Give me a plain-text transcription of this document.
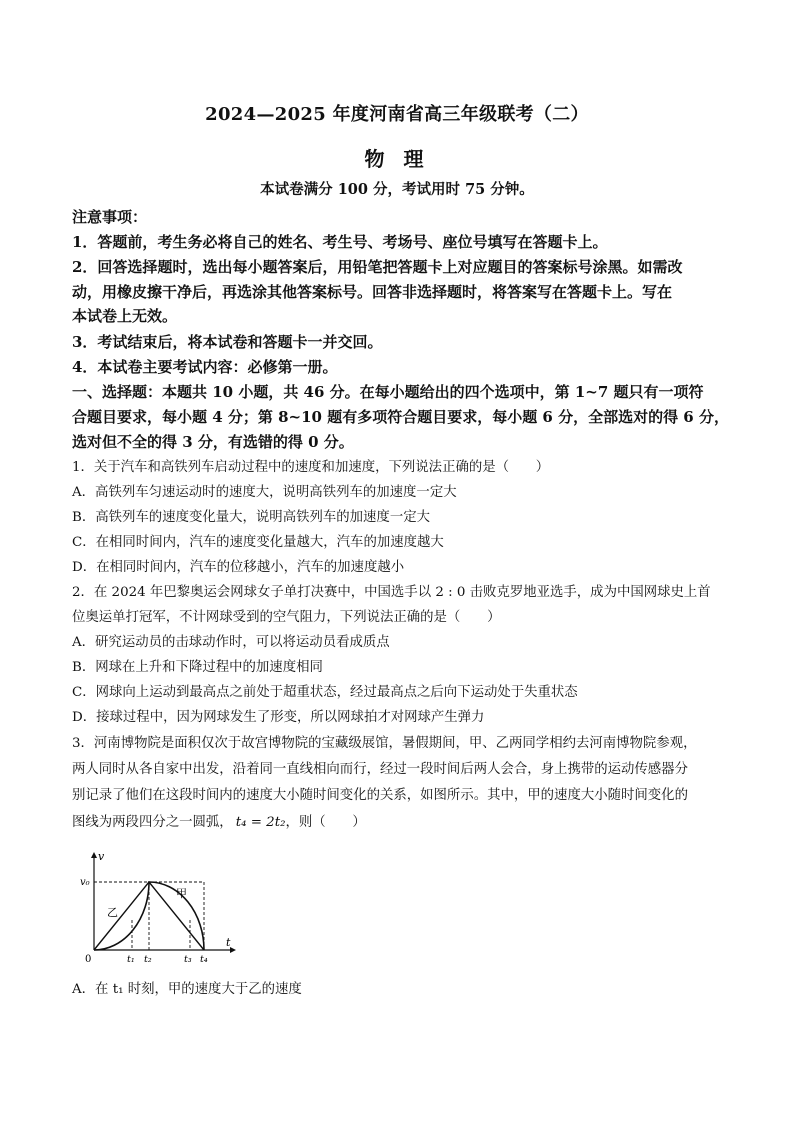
2024—2025 年度河南省高三年级联考（二）
物 理
本试卷满分 100 分，考试用时 75 分钟。
注意事项：
1．答题前，考生务必将自己的姓名、考生号、考场号、座位号填写在答题卡上。
2．回答选择题时，选出每小题答案后，用铅笔把答题卡上对应题目的答案标号涂黑。如需改
动，用橡皮擦干净后，再选涂其他答案标号。回答非选择题时，将答案写在答题卡上。写在
本试卷上无效。
3．考试结束后，将本试卷和答题卡一并交回。
4．本试卷主要考试内容：必修第一册。
一、选择题：本题共 10 小题，共 46 分。在每小题给出的四个选项中，第 1~7 题只有一项符
合题目要求，每小题 4 分；第 8~10 题有多项符合题目要求，每小题 6 分，全部选对的得 6 分，
选对但不全的得 3 分，有选错的得 0 分。
1．关于汽车和高铁列车启动过程中的速度和加速度，下列说法正确的是（　　）
A．高铁列车匀速运动时的速度大，说明高铁列车的加速度一定大
B．高铁列车的速度变化量大，说明高铁列车的加速度一定大
C．在相同时间内，汽车的速度变化量越大，汽车的加速度越大
D．在相同时间内，汽车的位移越小，汽车的加速度越小
2．在 2024 年巴黎奥运会网球女子单打决赛中，中国选手以 2 : 0 击败克罗地亚选手，成为中国网球史上首
位奥运单打冠军，不计网球受到的空气阻力，下列说法正确的是（　　）
A．研究运动员的击球动作时，可以将运动员看成质点
B．网球在上升和下降过程中的加速度相同
C．网球向上运动到最高点之前处于超重状态，经过最高点之后向下运动处于失重状态
D．接球过程中，因为网球发生了形变，所以网球拍才对网球产生弹力
3．河南博物院是面积仅次于故宫博物院的宝藏级展馆，暑假期间，甲、乙两同学相约去河南博物院参观，
两人同时从各自家中出发，沿着同一直线相向而行，经过一段时间后两人会合，身上携带的运动传感器分
别记录了他们在这段时间内的速度大小随时间变化的关系，如图所示。其中，甲的速度大小随时间变化的
图线为两段四分之一圆弧， t₄ = 2t₂，则（　　）
v
t
0
v₀
甲
乙
t₁ t₂	t₃ t₄
A．在 t₁ 时刻，甲的速度大于乙的速度
